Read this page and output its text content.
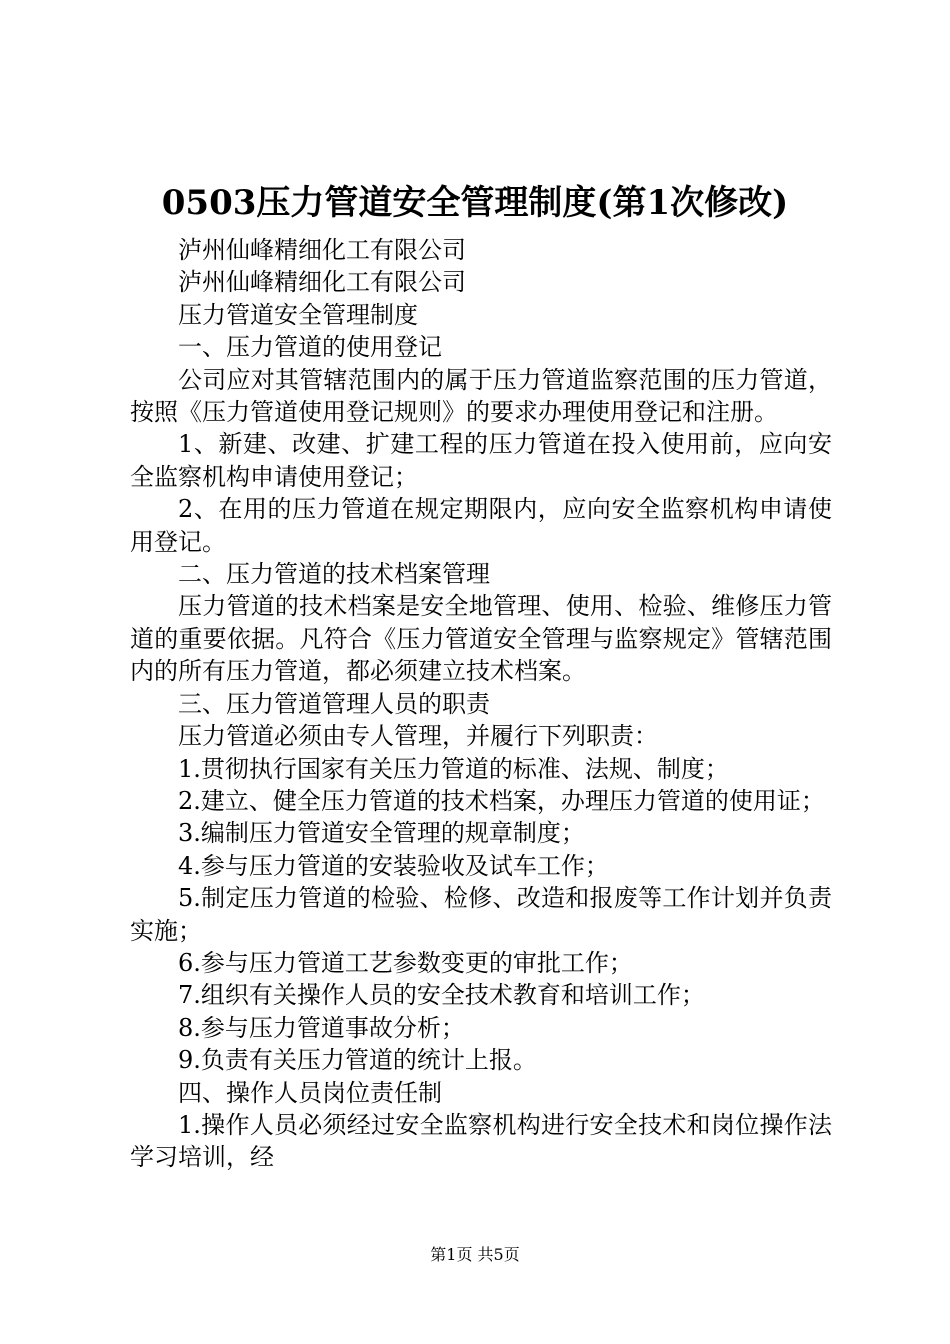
0503压力管道安全管理制度(第1次修改)

泸州仙峰精细化工有限公司

泸州仙峰精细化工有限公司

压力管道安全管理制度

一、压力管道的使用登记

公司应对其管辖范围内的属于压力管道监察范围的压力管道，按照《压力管道使用登记规则》的要求办理使用登记和注册。

1、新建、改建、扩建工程的压力管道在投入使用前，应向安全监察机构申请使用登记；

2、在用的压力管道在规定期限内，应向安全监察机构申请使用登记。

二、压力管道的技术档案管理

压力管道的技术档案是安全地管理、使用、检验、维修压力管道的重要依据。凡符合《压力管道安全管理与监察规定》管辖范围内的所有压力管道，都必须建立技术档案。

三、压力管道管理人员的职责

压力管道必须由专人管理，并履行下列职责：

1.贯彻执行国家有关压力管道的标准、法规、制度；

2.建立、健全压力管道的技术档案，办理压力管道的使用证；

3.编制压力管道安全管理的规章制度；

4.参与压力管道的安装验收及试车工作；

5.制定压力管道的检验、检修、改造和报废等工作计划并负责实施；

6.参与压力管道工艺参数变更的审批工作；

7.组织有关操作人员的安全技术教育和培训工作；

8.参与压力管道事故分析；

9.负责有关压力管道的统计上报。

四、操作人员岗位责任制

1.操作人员必须经过安全监察机构进行安全技术和岗位操作法学习培训，经

第1页 共5页
